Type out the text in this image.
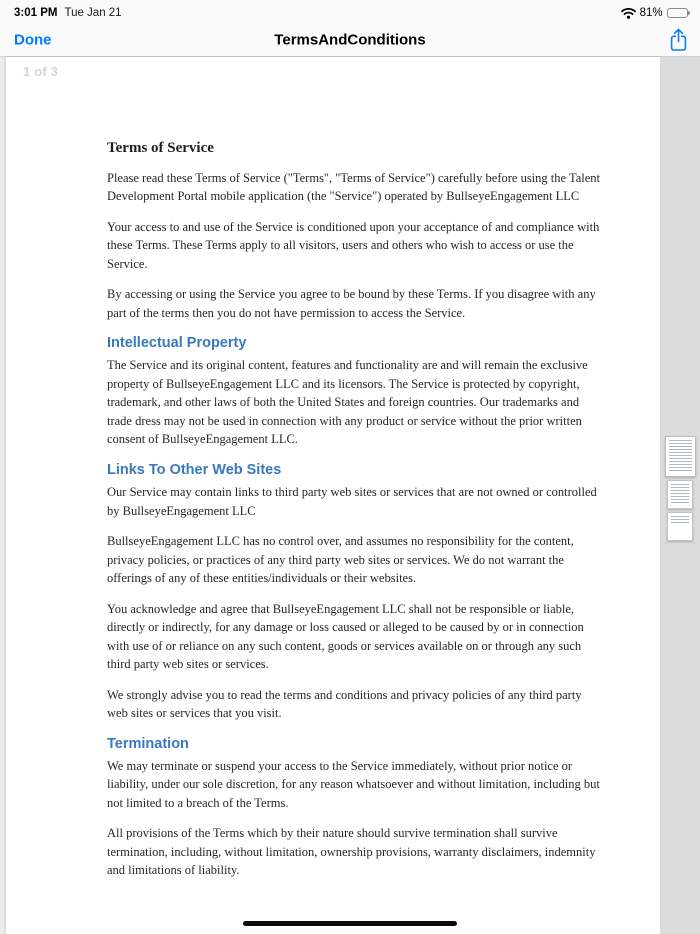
3:01 PM Tue Jan 21	81%
Done	TermsAndConditions
1 of 3
Terms of Service

Please read these Terms of Service ("Terms", "Terms of Service") carefully before using the Talent Development Portal mobile application (the "Service") operated by BullseyeEngagement LLC

Your access to and use of the Service is conditioned upon your acceptance of and compliance with these Terms. These Terms apply to all visitors, users and others who wish to access or use the Service.

By accessing or using the Service you agree to be bound by these Terms. If you disagree with any part of the terms then you do not have permission to access the Service.

Intellectual Property

The Service and its original content, features and functionality are and will remain the exclusive property of BullseyeEngagement LLC and its licensors. The Service is protected by copyright, trademark, and other laws of both the United States and foreign countries. Our trademarks and trade dress may not be used in connection with any product or service without the prior written consent of BullseyeEngagement LLC.

Links To Other Web Sites

Our Service may contain links to third party web sites or services that are not owned or controlled by BullseyeEngagement LLC

BullseyeEngagement LLC has no control over, and assumes no responsibility for the content, privacy policies, or practices of any third party web sites or services. We do not warrant the offerings of any of these entities/individuals or their websites.

You acknowledge and agree that BullseyeEngagement LLC shall not be responsible or liable, directly or indirectly, for any damage or loss caused or alleged to be caused by or in connection with use of or reliance on any such content, goods or services available on or through any such third party web sites or services.

We strongly advise you to read the terms and conditions and privacy policies of any third party web sites or services that you visit.

Termination

We may terminate or suspend your access to the Service immediately, without prior notice or liability, under our sole discretion, for any reason whatsoever and without limitation, including but not limited to a breach of the Terms.

All provisions of the Terms which by their nature should survive termination shall survive termination, including, without limitation, ownership provisions, warranty disclaimers, indemnity and limitations of liability.
